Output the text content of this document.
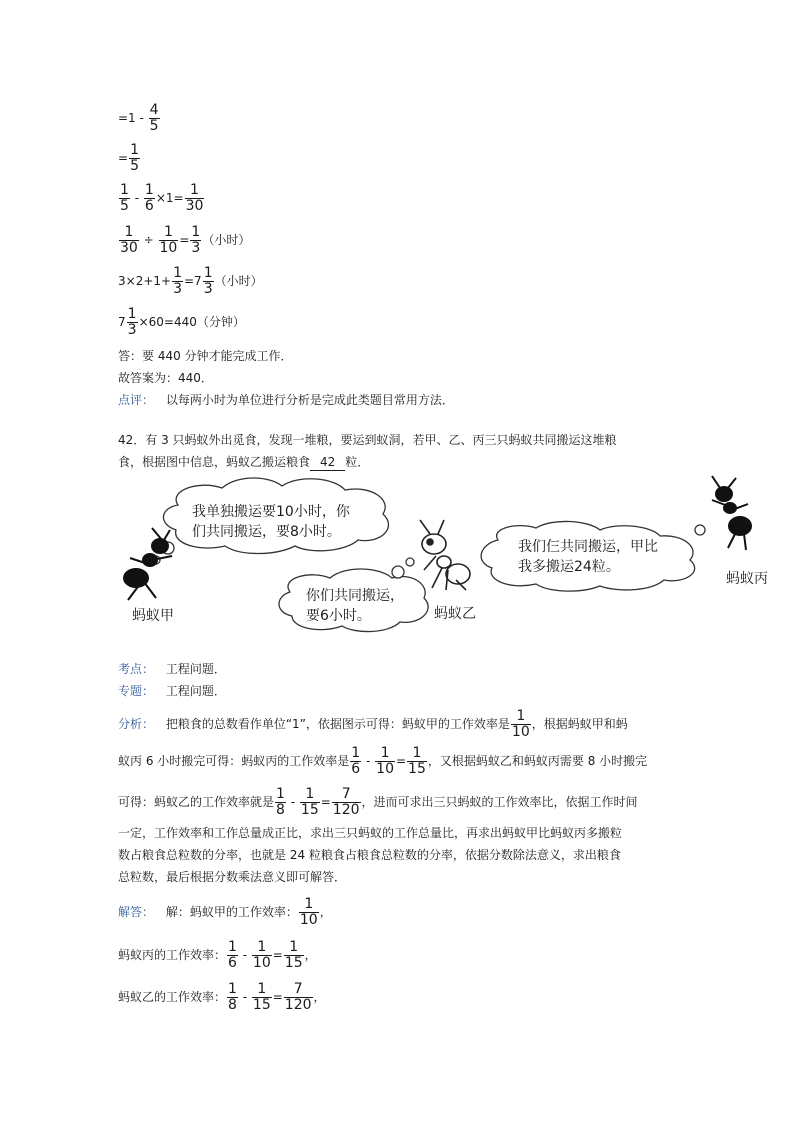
$=1 - \frac{4}{5}$
= $\frac{1}{5}$
$\frac{1}{5} - \frac{1}{6} \times 1= \frac{1}{30}$
$\frac{1}{30} \div \frac{1}{10} = \frac{1}{3}$ （小时）
$3\times 2+1+ \frac{1}{3} =7 \frac{1}{3}$ （小时）
$7 \frac{1}{3} \times 60=440$（分钟）
答：要 440 分钟才能完成工作．
故答案为：440．
点评： 以每两小时为单位进行分析是完成此类题目常用方法．
42．有 3 只蚂蚁外出觅食，发现一堆粮，要运到蚁洞，若甲、乙、丙三只蚂蚁共同搬运这堆粮
食，根据图中信息，蚂蚁乙搬运粮食 42 粒．
我单独搬运要10小时，你
们共同搬运，要8小时。
你们共同搬运，
要6小时。
我们仨共同搬运，甲比
我多搬运24粒。
蚂蚁甲	蚂蚁乙
蚂蚁丙
考点： 工程问题．
专题： 工程问题．
分析： 把粮食的总数看作单位“1”，依据图示可得：蚂蚁甲的工作效率是 $\frac{1}{10}$ ，根据蚂蚁甲和蚂
蚁丙 6 小时搬完可得：蚂蚁丙的工作效率是 $\frac{1}{6} - \frac{1}{10} = \frac{1}{15}$ ，又根据蚂蚁乙和蚂蚁丙需要 8 小时搬完
可得：蚂蚁乙的工作效率就是 $\frac{1}{8} - \frac{1}{15} = \frac{7}{120}$ ，进而可求出三只蚂蚁的工作效率比，依据工作时间
一定，工作效率和工作总量成正比，求出三只蚂蚁的工作总量比，再求出蚂蚁甲比蚂蚁丙多搬粒
数占粮食总粒数的分率，也就是 24 粒粮食占粮食总粒数的分率，依据分数除法意义，求出粮食
总粒数，最后根据分数乘法意义即可解答．
解答： 解：蚂蚁甲的工作效率： $\frac{1}{10}$ ，
蚂蚁丙的工作效率： $\frac{1}{6} - \frac{1}{10} = \frac{1}{15}$ ，
蚂蚁乙的工作效率： $\frac{1}{8} - \frac{1}{15} = \frac{7}{120}$ ，
